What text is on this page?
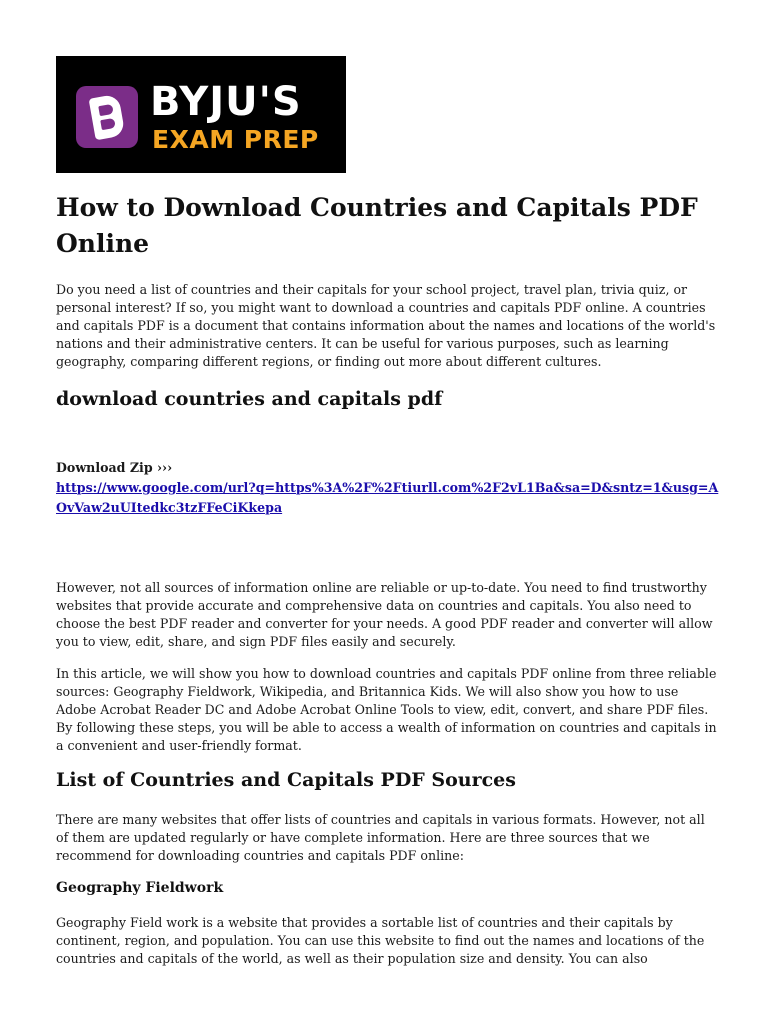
BYJU'S
EXAM PREP
How to Download Countries and Capitals PDF Online

Do you need a list of countries and their capitals for your school project, travel plan, trivia quiz, or personal interest? If so, you might want to download a countries and capitals PDF online. A countries and capitals PDF is a document that contains information about the names and locations of the world's nations and their administrative centers. It can be useful for various purposes, such as learning geography, comparing different regions, or finding out more about different cultures.

download countries and capitals pdf
Download Zip ›››
https://www.google.com/url?q=https%3A%2F%2Ftiurll.com%2F2vL1Ba&sa=D&sntz=1&usg=AOvVaw2uUItedkc3tzFFeCiKkepa

However, not all sources of information online are reliable or up-to-date. You need to find trustworthy websites that provide accurate and comprehensive data on countries and capitals. You also need to choose the best PDF reader and converter for your needs. A good PDF reader and converter will allow you to view, edit, share, and sign PDF files easily and securely.

In this article, we will show you how to download countries and capitals PDF online from three reliable sources: Geography Fieldwork, Wikipedia, and Britannica Kids. We will also show you how to use Adobe Acrobat Reader DC and Adobe Acrobat Online Tools to view, edit, convert, and share PDF files. By following these steps, you will be able to access a wealth of information on countries and capitals in a convenient and user-friendly format.

List of Countries and Capitals PDF Sources

There are many websites that offer lists of countries and capitals in various formats. However, not all of them are updated regularly or have complete information. Here are three sources that we recommend for downloading countries and capitals PDF online:

Geography Fieldwork

Geography Field work is a website that provides a sortable list of countries and their capitals by continent, region, and population. You can use this website to find out the names and locations of the countries and capitals of the world, as well as their population size and density. You can also
